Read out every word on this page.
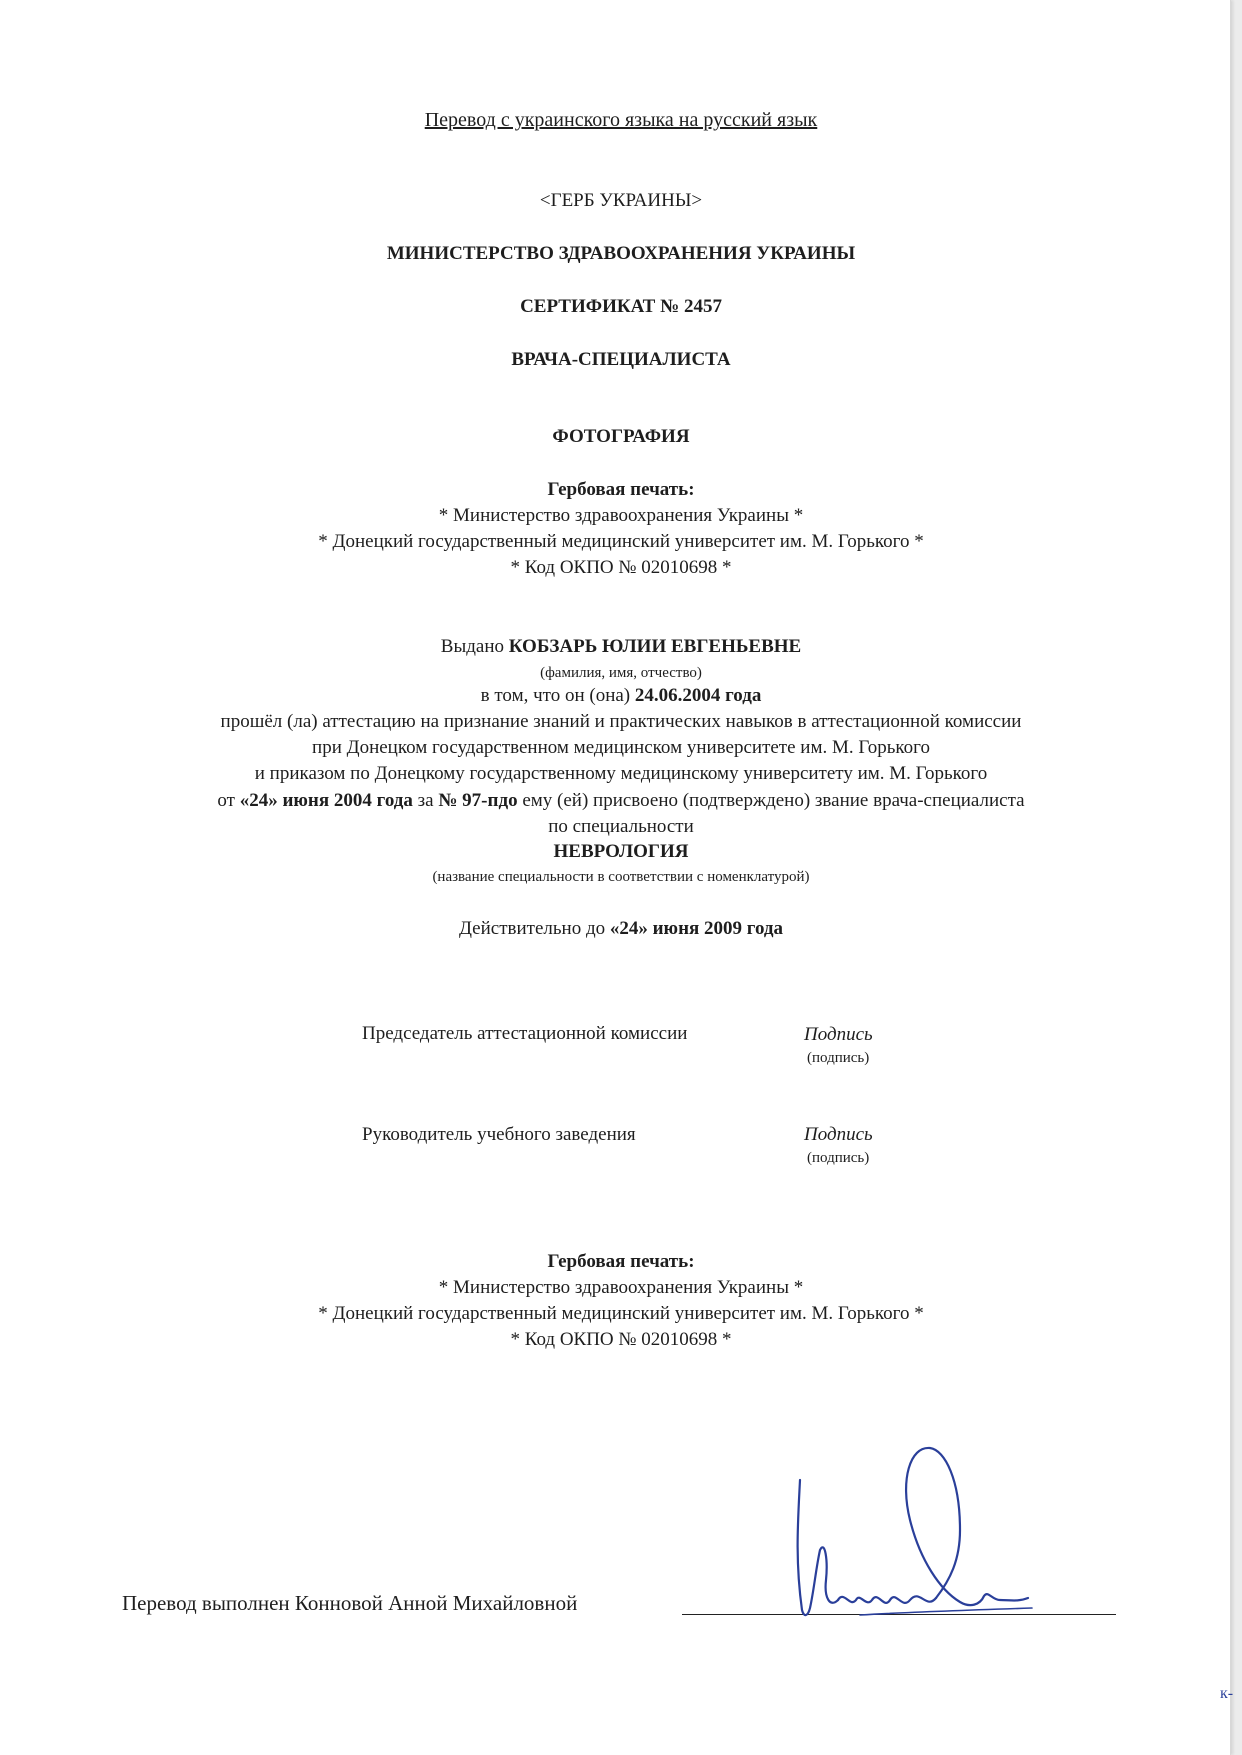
Перевод с украинского языка на русский язык
<ГЕРБ УКРАИНЫ>
МИНИСТЕРСТВО ЗДРАВООХРАНЕНИЯ УКРАИНЫ
СЕРТИФИКАТ № 2457
ВРАЧА-СПЕЦИАЛИСТА
ФОТОГРАФИЯ
Гербовая печать:
* Министерство здравоохранения Украины *
* Донецкий государственный медицинский университет им. М. Горького *
* Код ОКПО № 02010698 *
Выдано КОБЗАРЬ ЮЛИИ ЕВГЕНЬЕВНЕ
(фамилия, имя, отчество)
в том, что он (она) 24.06.2004 года
прошёл (ла) аттестацию на признание знаний и практических навыков в аттестационной комиссии
при Донецком государственном медицинском университете им. М. Горького
и приказом по Донецкому государственному медицинскому университету им. М. Горького
от «24» июня 2004 года за № 97-пдо ему (ей) присвоено (подтверждено) звание врача-специалиста
по специальности
НЕВРОЛОГИЯ
(название специальности в соответствии с номенклатурой)
Действительно до «24» июня 2009 года
Председатель аттестационной комиссии	Подпись
(подпись)
Руководитель учебного заведения	Подпись
(подпись)
Гербовая печать:
* Министерство здравоохранения Украины *
* Донецкий государственный медицинский университет им. М. Горького *
* Код ОКПО № 02010698 *
Перевод выполнен Конновой Анной Михайловной
к-
